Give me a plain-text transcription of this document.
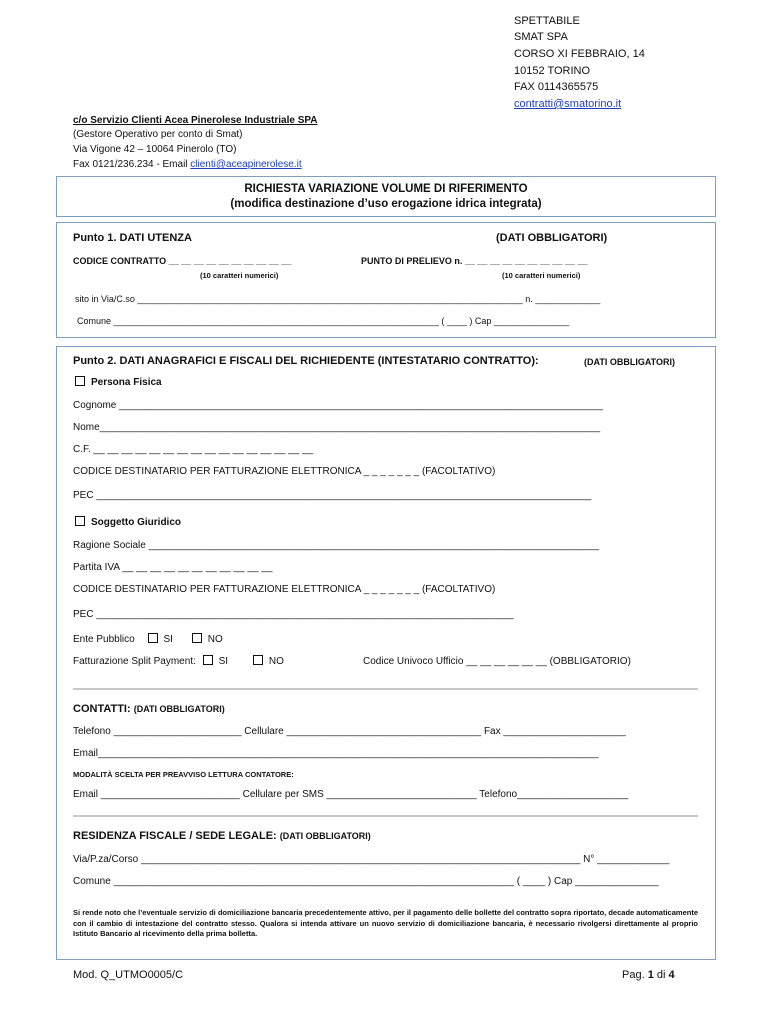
SPETTABILE
SMAT SPA
CORSO XI FEBBRAIO, 14
10152 TORINO
FAX 0114365575
contratti@smatorino.it
c/o Servizio Clienti Acea Pinerolese Industriale SPA
(Gestore Operativo per conto di Smat)
Via Vigone 42 – 10064 Pinerolo (TO)
Fax 0121/236.234 - Email clienti@aceapinerolese.it
RICHIESTA VARIAZIONE VOLUME DI RIFERIMENTO
(modifica destinazione d’uso erogazione idrica integrata)
Punto 1. DATI UTENZA	(DATI OBBLIGATORI)
CODICE CONTRATTO __ __ __ __ __ __ __ __ __ __
(10 caratteri numerici)
PUNTO DI PRELIEVO n. __ __ __ __ __ __ __ __ __ __
(10 caratteri numerici)
sito in Via/C.so _____________________________________________________________________________ n. _____________
Comune _________________________________________________________________ ( ____ ) Cap _______________
Punto 2. DATI ANAGRAFICI E FISCALI DEL RICHIEDENTE (INTESTATARIO CONTRATTO):	(DATI OBBLIGATORI)
Persona Fisica
Cognome _______________________________________________________________________________________
Nome__________________________________________________________________________________________
C.F. __ __ __ __ __ __ __ __ __ __ __ __ __ __ __ __
CODICE DESTINATARIO PER FATTURAZIONE ELETTRONICA _ _ _ _ _ _ _ (FACOLTATIVO)
PEC _________________________________________________________________________________________
Soggetto Giuridico
Ragione Sociale _________________________________________________________________________________
Partita IVA __ __ __ __ __ __ __ __ __ __ __
CODICE DESTINATARIO PER FATTURAZIONE ELETTRONICA _ _ _ _ _ _ _ (FACOLTATIVO)
PEC ___________________________________________________________________________
Ente Pubblico	SI	NO
Fatturazione Split Payment: SI	NO	Codice Univoco Ufficio __ __ __ __ __ __ (OBBLIGATORIO)
CONTATTI: (DATI OBBLIGATORI)
Telefono _______________________ Cellulare ___________________________________ Fax ______________________
Email__________________________________________________________________________________________
MODALITÀ SCELTA PER PREAVVISO LETTURA CONTATORE:
Email _________________________ Cellulare per SMS ___________________________ Telefono____________________
RESIDENZA FISCALE / SEDE LEGALE: (DATI OBBLIGATORI)
Via/P.za/Corso _______________________________________________________________________________ N° _____________
Comune ________________________________________________________________________ ( ____ ) Cap _______________
Si rende noto che l’eventuale servizio di domiciliazione bancaria precedentemente attivo, per il pagamento delle bollette del contratto sopra riportato, decade automaticamente con il cambio di intestazione del contratto stesso. Qualora si intenda attivare un nuovo servizio di domiciliazione bancaria, è necessario rivolgersi direttamente al proprio Istituto Bancario al ricevimento della prima bolletta.
Mod. Q_UTMO0005/C	Pag. 1 di 4
